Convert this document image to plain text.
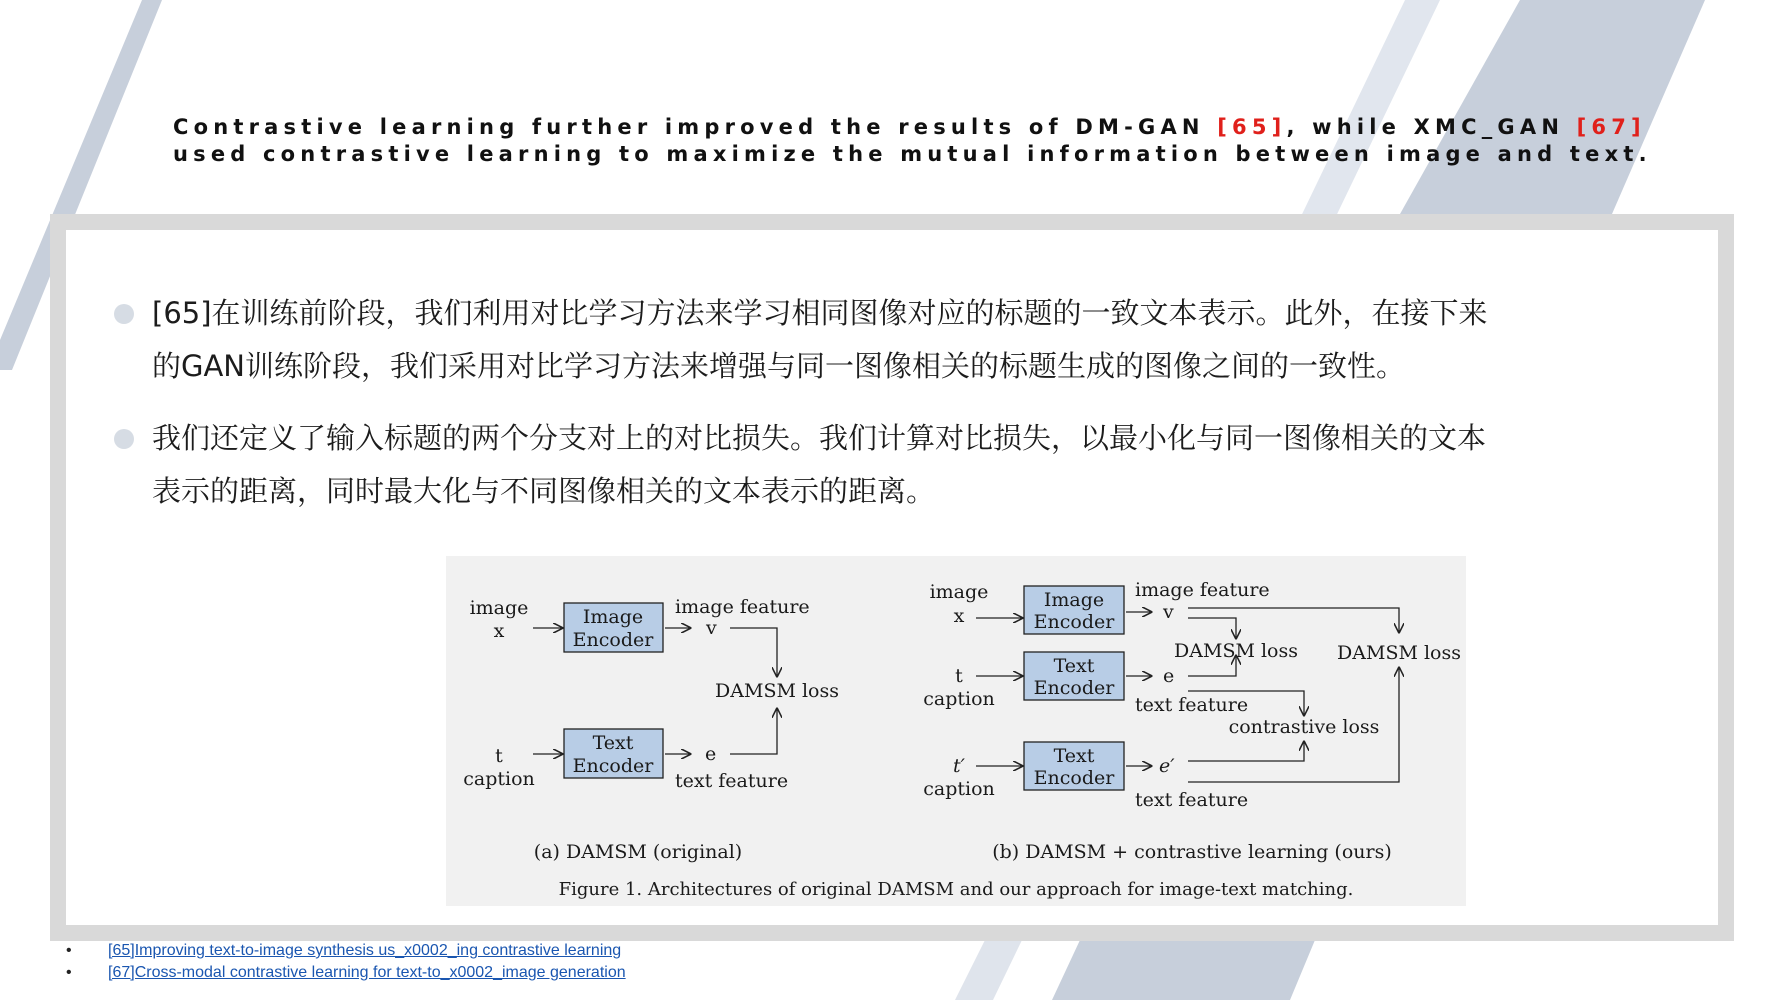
Contrastive learning further improved the results of DM-GAN [65], while XMC_GAN [67]
used contrastive learning to maximize the mutual information between image and text.
[65]在训练前阶段，我们利用对比学习方法来学习相同图像对应的标题的一致文本表示。此外，在接下来
的GAN训练阶段，我们采用对比学习方法来增强与同一图像相关的标题生成的图像之间的一致性。
我们还定义了输入标题的两个分支对上的对比损失。我们计算对比损失，以最小化与同一图像相关的文本
表示的距离，同时最大化与不同图像相关的文本表示的距离。
image
x
Image
Encoder
image feature
v
DAMSM loss
t
caption
Text
Encoder
e
text feature
(a) DAMSM (original)
image
x
Image
Encoder
image feature
v
DAMSM loss DAMSM loss
t
caption
Text
Encoder
e
text feature
contrastive loss
t′
caption
Text
Encoder
e′
text feature
(b) DAMSM + contrastive learning (ours)
Figure 1. Architectures of original DAMSM and our approach for image-text matching.
• [65]Improving text-to-image synthesis us_x0002_ing contrastive learning
• [67]Cross-modal contrastive learning for text-to_x0002_image generation
